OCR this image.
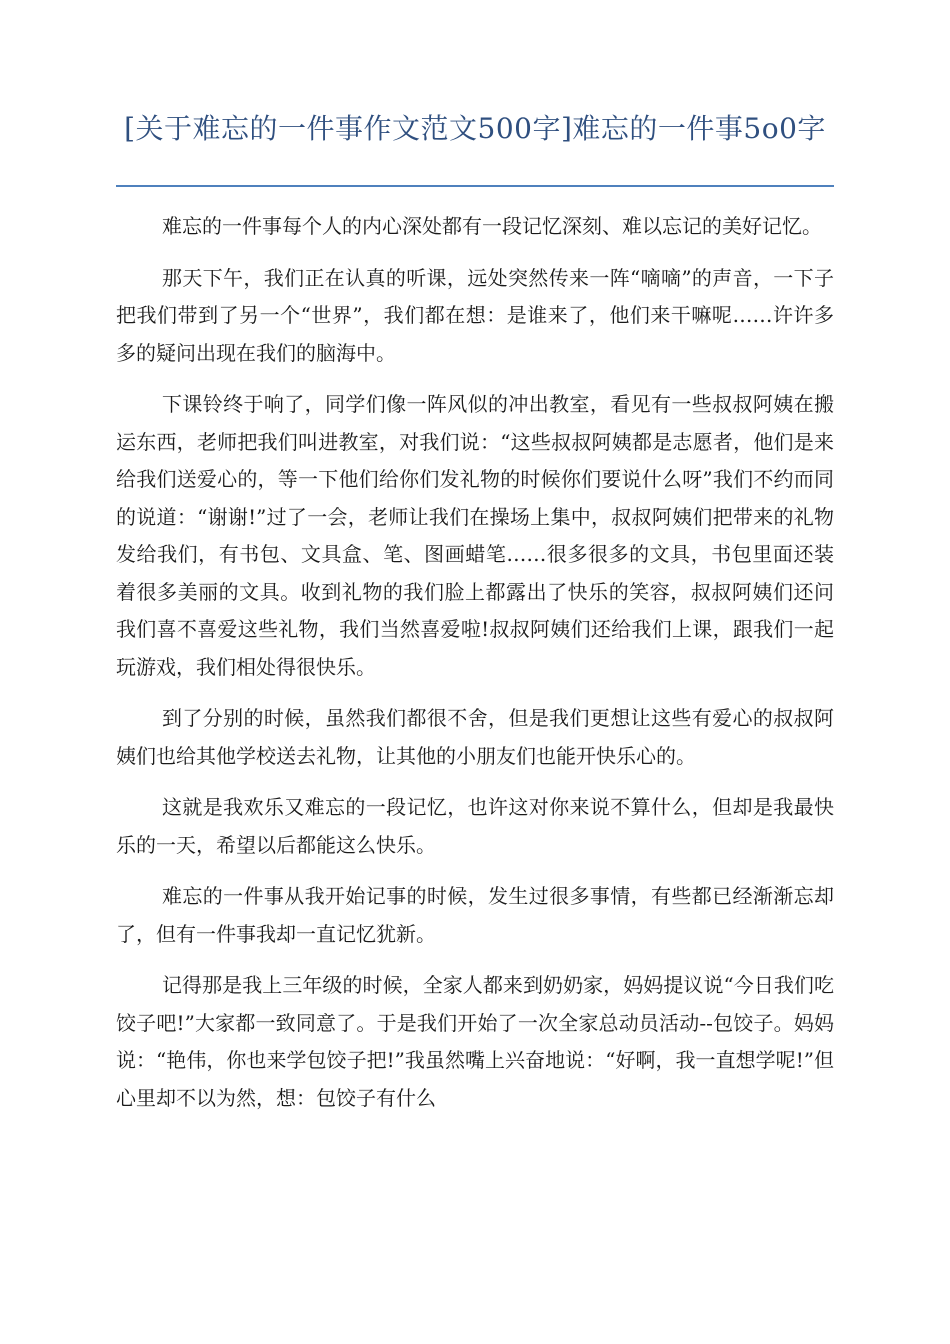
[关于难忘的一件事作文范文500字]难忘的一件事5o0字

难忘的一件事每个人的内心深处都有一段记忆深刻、难以忘记的美好记忆。

那天下午，我们正在认真的听课，远处突然传来一阵“嘀嘀”的声音，一下子把我们带到了另一个“世界”，我们都在想：是谁来了，他们来干嘛呢……许许多多的疑问出现在我们的脑海中。

下课铃终于响了，同学们像一阵风似的冲出教室，看见有一些叔叔阿姨在搬运东西，老师把我们叫进教室，对我们说：“这些叔叔阿姨都是志愿者，他们是来给我们送爱心的，等一下他们给你们发礼物的时候你们要说什么呀”我们不约而同的说道：“谢谢!”过了一会，老师让我们在操场上集中，叔叔阿姨们把带来的礼物发给我们，有书包、文具盒、笔、图画蜡笔……很多很多的文具，书包里面还装着很多美丽的文具。收到礼物的我们脸上都露出了快乐的笑容，叔叔阿姨们还问我们喜不喜爱这些礼物，我们当然喜爱啦!叔叔阿姨们还给我们上课，跟我们一起玩游戏，我们相处得很快乐。

到了分别的时候，虽然我们都很不舍，但是我们更想让这些有爱心的叔叔阿姨们也给其他学校送去礼物，让其他的小朋友们也能开快乐心的。

这就是我欢乐又难忘的一段记忆，也许这对你来说不算什么，但却是我最快乐的一天，希望以后都能这么快乐。

难忘的一件事从我开始记事的时候，发生过很多事情，有些都已经渐渐忘却了，但有一件事我却一直记忆犹新。

记得那是我上三年级的时候，全家人都来到奶奶家，妈妈提议说“今日我们吃饺子吧!”大家都一致同意了。于是我们开始了一次全家总动员活动--包饺子。妈妈说：“艳伟，你也来学包饺子把!”我虽然嘴上兴奋地说：“好啊，我一直想学呢!”但心里却不以为然，想：包饺子有什么
